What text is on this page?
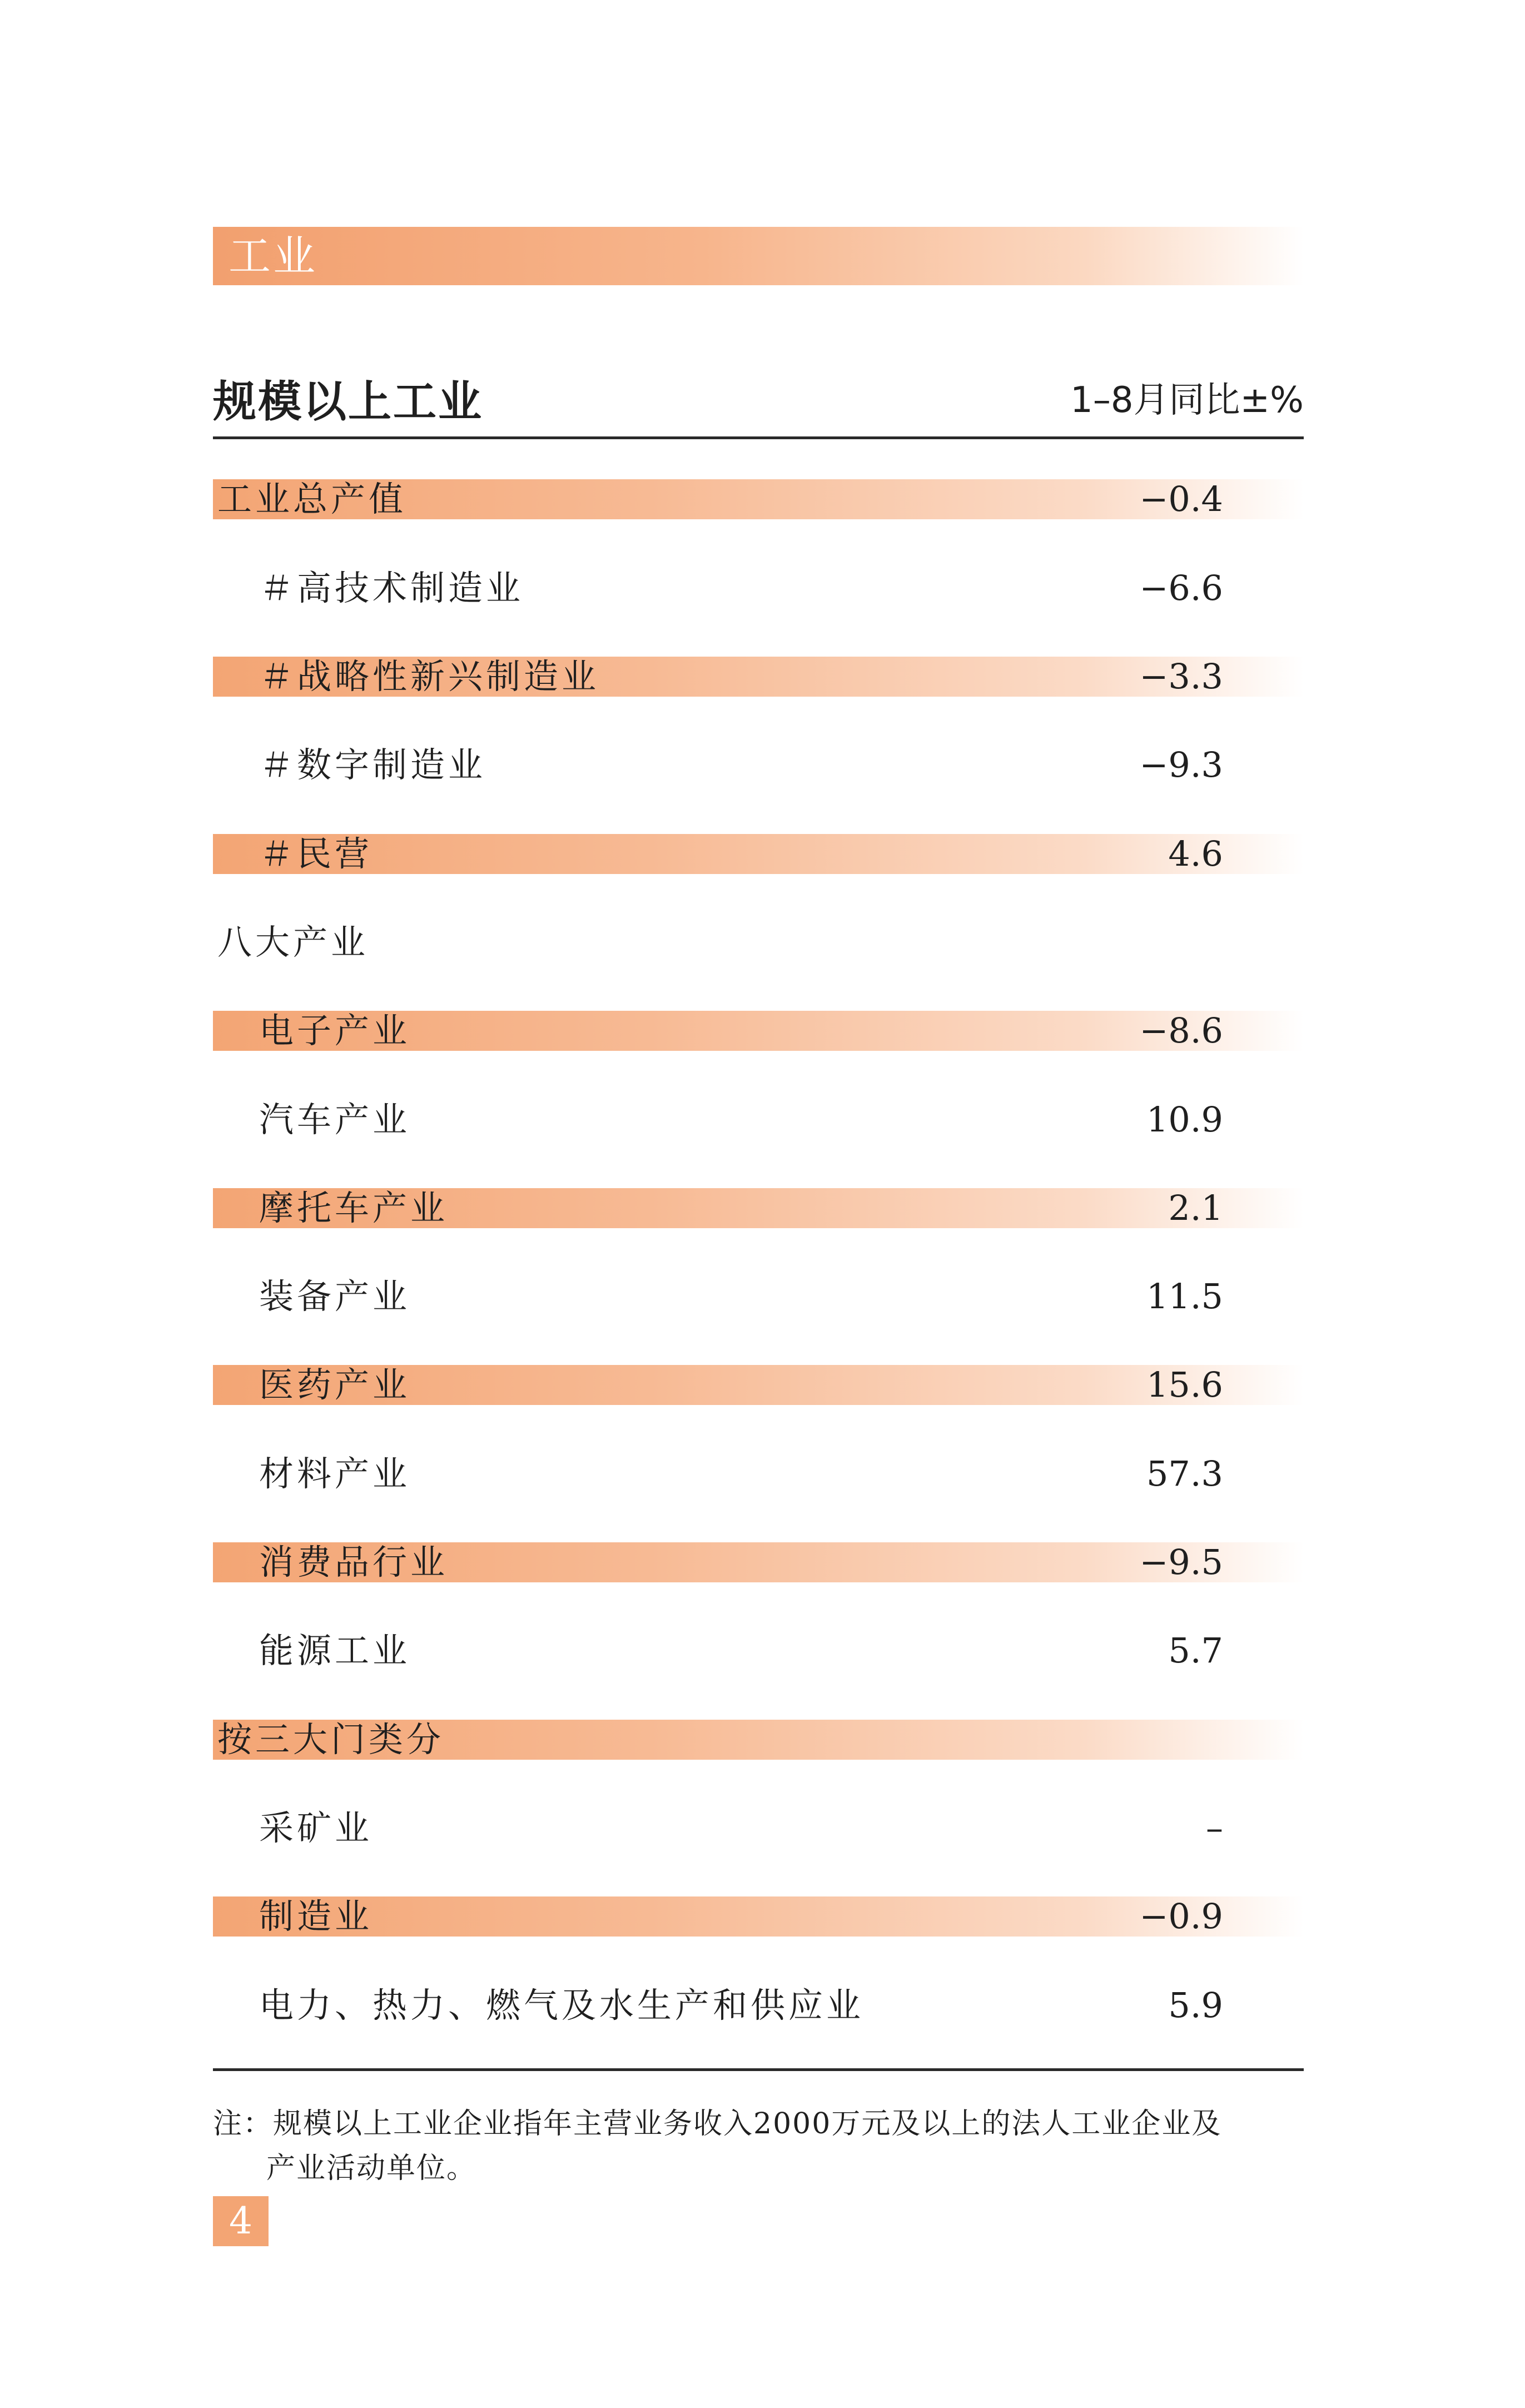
工业
规模以上工业	1–8月同比±%
工业总产值	−0.4
＃高技术制造业	−6.6
＃战略性新兴制造业	−3.3
＃数字制造业	−9.3
＃民营	4.6
八大产业
电子产业	−8.6
汽车产业	10.9
摩托车产业	2.1
装备产业	11.5
医药产业	15.6
材料产业	57.3
消费品行业	−9.5
能源工业	5.7
按三大门类分
采矿业	–
制造业	−0.9
电力、热力、燃气及水生产和供应业	5.9
注：规模以上工业企业指年主营业务收入2000万元及以上的法人工业企业及
产业活动单位。
4
